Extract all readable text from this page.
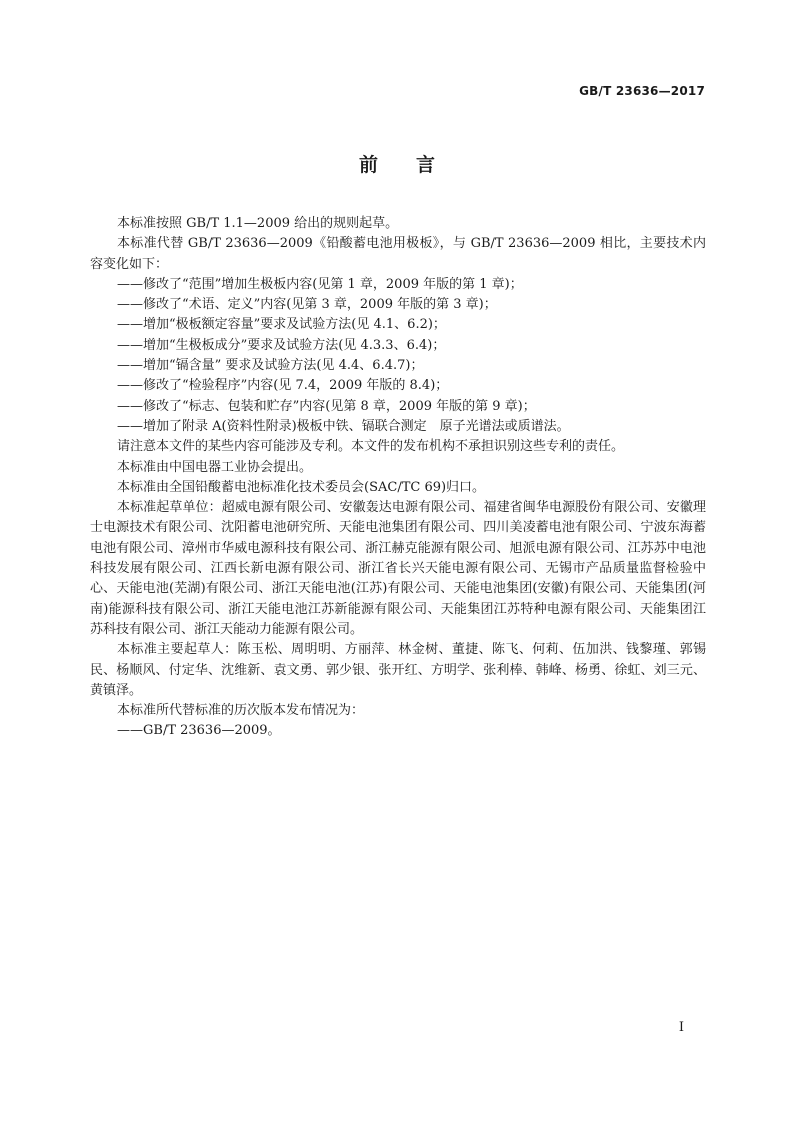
GB/T 23636—2017
前　　言

本标准按照 GB/T 1.1—2009 给出的规则起草。

本标准代替 GB/T 23636—2009《铅酸蓄电池用极板》，与 GB/T 23636—2009 相比，主要技术内容变化如下：

——修改了“范围”增加生极板内容(见第 1 章，2009 年版的第 1 章)；

——修改了“术语、定义”内容(见第 3 章，2009 年版的第 3 章)；

——增加“极板额定容量”要求及试验方法(见 4.1、6.2)；

——增加“生极板成分”要求及试验方法(见 4.3.3、6.4)；

——增加“镉含量” 要求及试验方法(见 4.4、6.4.7)；

——修改了“检验程序”内容(见 7.4，2009 年版的 8.4)；

——修改了“标志、包装和贮存”内容(见第 8 章，2009 年版的第 9 章)；

——增加了附录 A(资料性附录)极板中铁、镉联合测定　原子光谱法或质谱法。

请注意本文件的某些内容可能涉及专利。本文件的发布机构不承担识别这些专利的责任。

本标准由中国电器工业协会提出。

本标准由全国铅酸蓄电池标准化技术委员会(SAC/TC 69)归口。

本标准起草单位：超威电源有限公司、安徽轰达电源有限公司、福建省闽华电源股份有限公司、安徽理士电源技术有限公司、沈阳蓄电池研究所、天能电池集团有限公司、四川美凌蓄电池有限公司、宁波东海蓄电池有限公司、漳州市华威电源科技有限公司、浙江赫克能源有限公司、旭派电源有限公司、江苏苏中电池科技发展有限公司、江西长新电源有限公司、浙江省长兴天能电源有限公司、无锡市产品质量监督检验中心、天能电池(芜湖)有限公司、浙江天能电池(江苏)有限公司、天能电池集团(安徽)有限公司、天能集团(河南)能源科技有限公司、浙江天能电池江苏新能源有限公司、天能集团江苏特种电源有限公司、天能集团江苏科技有限公司、浙江天能动力能源有限公司。

本标准主要起草人：陈玉松、周明明、方丽萍、林金树、董捷、陈飞、何莉、伍加洪、钱黎瑾、郭锡民、杨顺风、付定华、沈维新、袁文勇、郭少银、张开红、方明学、张利棒、韩峰、杨勇、徐虹、刘三元、黄镇泽。

本标准所代替标准的历次版本发布情况为：

——GB/T 23636—2009。

I
